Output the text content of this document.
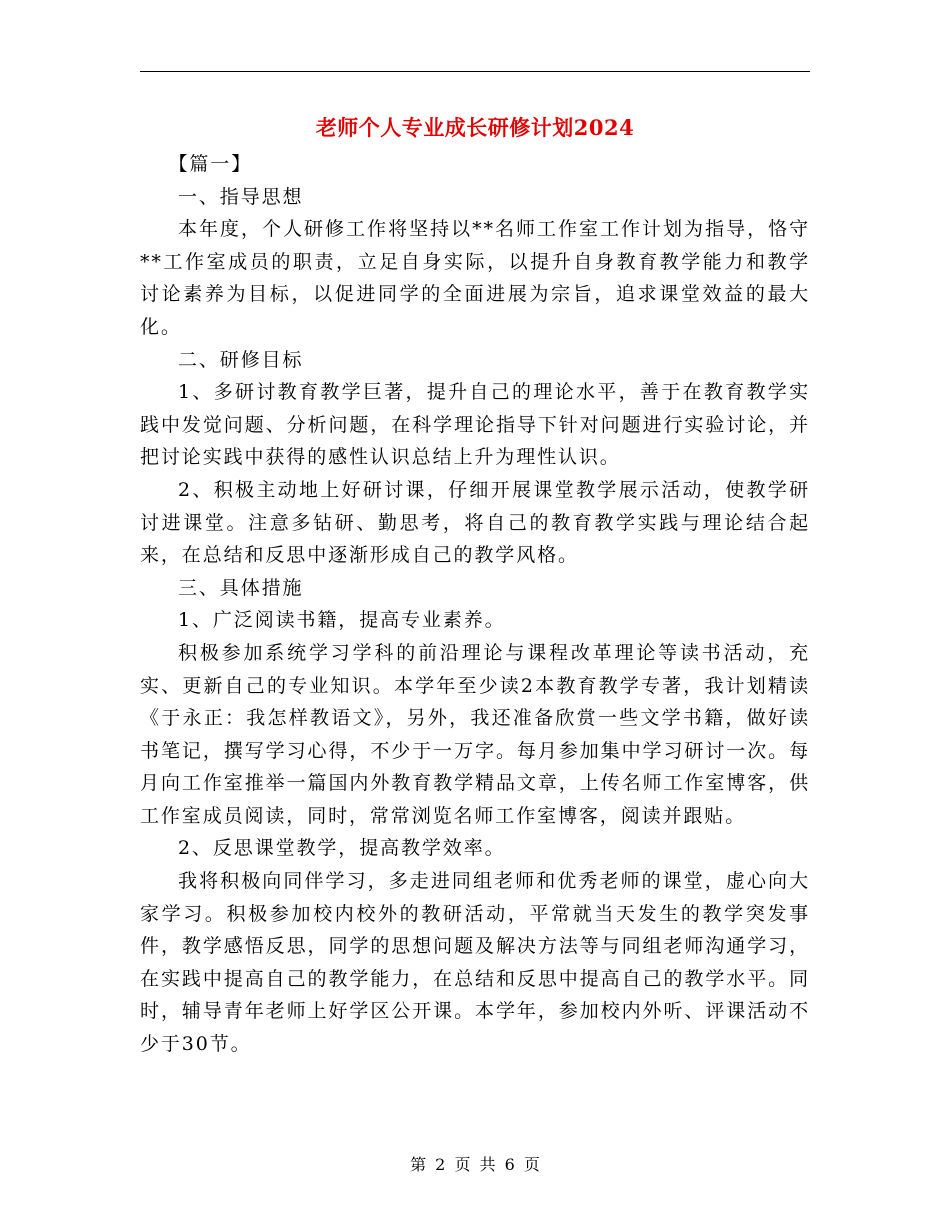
老师个人专业成长研修计划2024

【篇一】

一、指导思想

本年度，个人研修工作将坚持以**名师工作室工作计划为指导，恪守**工作室成员的职责，立足自身实际，以提升自身教育教学能力和教学讨论素养为目标，以促进同学的全面进展为宗旨，追求课堂效益的最大化。

二、研修目标

1、多研讨教育教学巨著，提升自己的理论水平，善于在教育教学实践中发觉问题、分析问题，在科学理论指导下针对问题进行实验讨论，并把讨论实践中获得的感性认识总结上升为理性认识。

2、积极主动地上好研讨课，仔细开展课堂教学展示活动，使教学研讨进课堂。注意多钻研、勤思考，将自己的教育教学实践与理论结合起来，在总结和反思中逐渐形成自己的教学风格。

三、具体措施

1、广泛阅读书籍，提高专业素养。

积极参加系统学习学科的前沿理论与课程改革理论等读书活动，充实、更新自己的专业知识。本学年至少读2本教育教学专著，我计划精读《于永正：我怎样教语文》，另外，我还准备欣赏一些文学书籍，做好读书笔记，撰写学习心得，不少于一万字。每月参加集中学习研讨一次。每月向工作室推举一篇国内外教育教学精品文章，上传名师工作室博客，供工作室成员阅读，同时，常常浏览名师工作室博客，阅读并跟贴。

2、反思课堂教学，提高教学效率。

我将积极向同伴学习，多走进同组老师和优秀老师的课堂，虚心向大家学习。积极参加校内校外的教研活动，平常就当天发生的教学突发事件，教学感悟反思，同学的思想问题及解决方法等与同组老师沟通学习，在实践中提高自己的教学能力，在总结和反思中提高自己的教学水平。同时，辅导青年老师上好学区公开课。本学年，参加校内外听、评课活动不少于30节。

第 2 页 共 6 页
